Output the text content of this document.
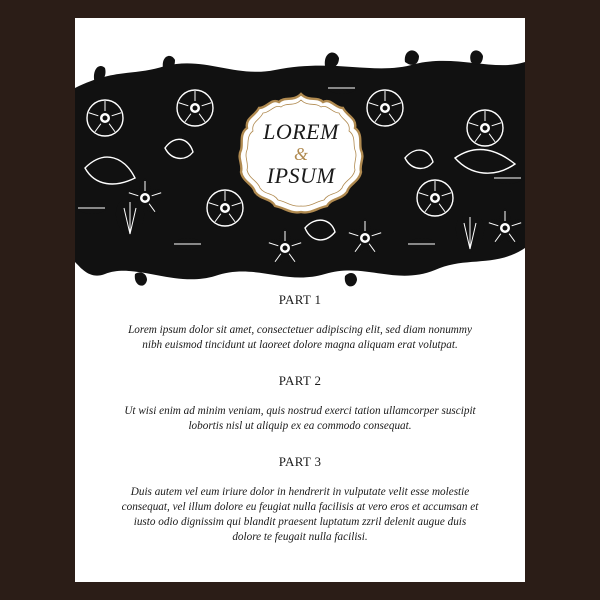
LOREM
&
IPSUM

PART 1

Lorem ipsum dolor sit amet, consectetuer adipiscing elit, sed diam nonummy nibh euismod tincidunt ut laoreet dolore magna aliquam erat volutpat.

PART 2

Ut wisi enim ad minim veniam, quis nostrud exerci tation ullamcorper suscipit lobortis nisl ut aliquip ex ea commodo consequat.

PART 3

Duis autem vel eum iriure dolor in hendrerit in vulputate velit esse molestie consequat, vel illum dolore eu feugiat nulla facilisis at vero eros et accumsan et iusto odio dignissim qui blandit praesent luptatum zzril delenit augue duis dolore te feugait nulla facilisi.
